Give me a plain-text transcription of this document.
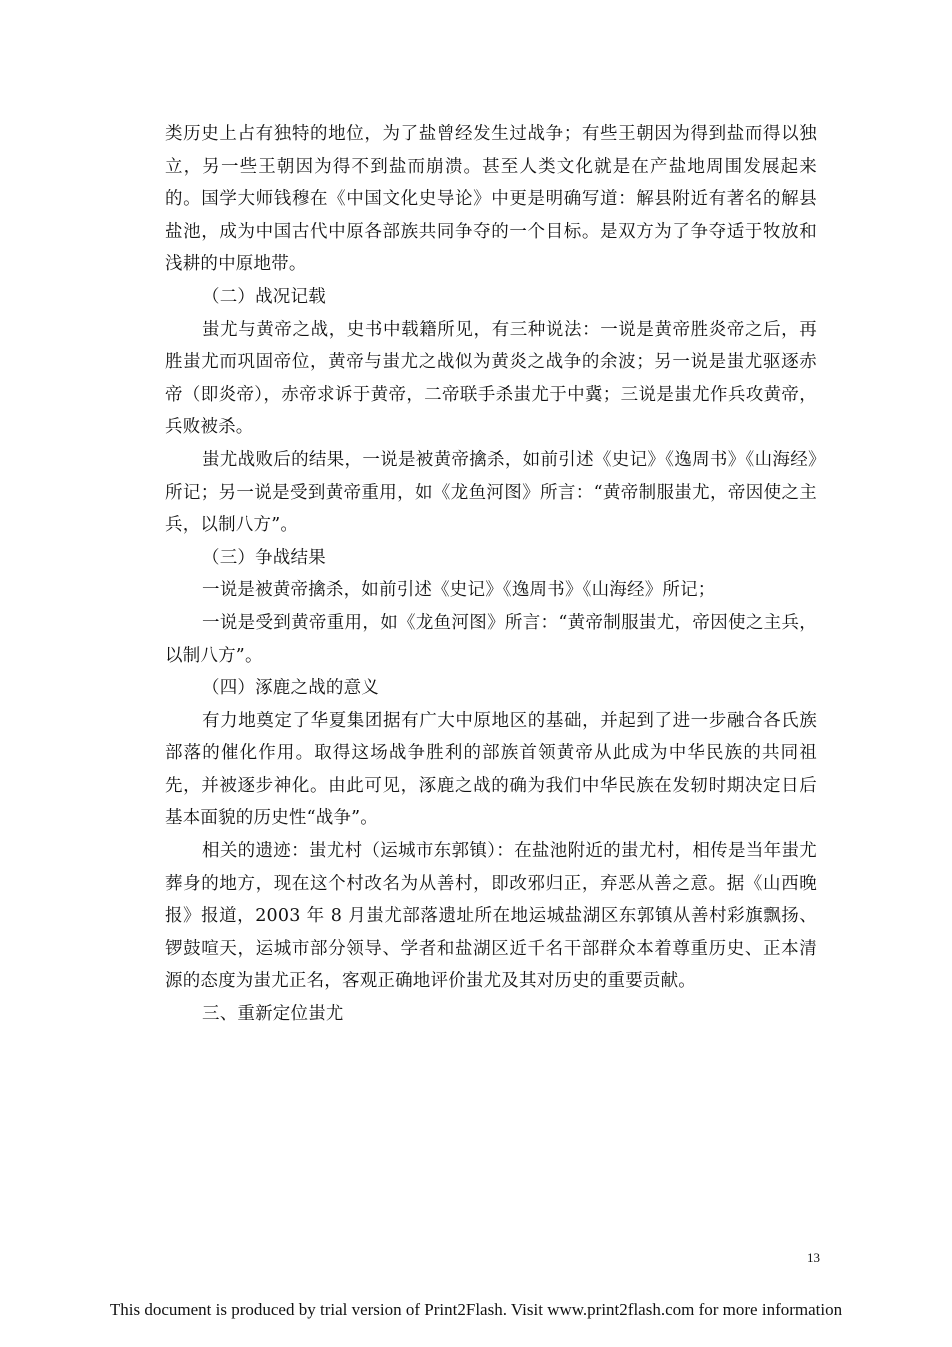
类历史上占有独特的地位，为了盐曾经发生过战争；有些王朝因为得到盐而得以独立，另一些王朝因为得不到盐而崩溃。甚至人类文化就是在产盐地周围发展起来的。国学大师钱穆在《中国文化史导论》中更是明确写道：解县附近有著名的解县盐池，成为中国古代中原各部族共同争夺的一个目标。是双方为了争夺适于牧放和浅耕的中原地带。

（二）战况记载

蚩尤与黄帝之战，史书中载籍所见，有三种说法：一说是黄帝胜炎帝之后，再胜蚩尤而巩固帝位，黄帝与蚩尤之战似为黄炎之战争的余波；另一说是蚩尤驱逐赤帝（即炎帝），赤帝求诉于黄帝，二帝联手杀蚩尤于中冀；三说是蚩尤作兵攻黄帝，兵败被杀。

蚩尤战败后的结果，一说是被黄帝擒杀，如前引述《史记》《逸周书》《山海经》所记；另一说是受到黄帝重用，如《龙鱼河图》所言：“黄帝制服蚩尤，帝因使之主兵，以制八方”。

（三）争战结果

一说是被黄帝擒杀，如前引述《史记》《逸周书》《山海经》所记；

一说是受到黄帝重用，如《龙鱼河图》所言：“黄帝制服蚩尤，帝因使之主兵，以制八方”。

（四）涿鹿之战的意义

有力地奠定了华夏集团据有广大中原地区的基础，并起到了进一步融合各氏族部落的催化作用。取得这场战争胜利的部族首领黄帝从此成为中华民族的共同祖先，并被逐步神化。由此可见，涿鹿之战的确为我们中华民族在发轫时期决定日后基本面貌的历史性“战争”。

相关的遗迹：蚩尤村（运城市东郭镇）：在盐池附近的蚩尤村，相传是当年蚩尤葬身的地方，现在这个村改名为从善村，即改邪归正，弃恶从善之意。据《山西晚报》报道，2003 年 8 月蚩尤部落遗址所在地运城盐湖区东郭镇从善村彩旗飘扬、锣鼓喧天，运城市部分领导、学者和盐湖区近千名干部群众本着尊重历史、正本清源的态度为蚩尤正名，客观正确地评价蚩尤及其对历史的重要贡献。

三、重新定位蚩尤

13
This document is produced by trial version of Print2Flash. Visit www.print2flash.com for more information
